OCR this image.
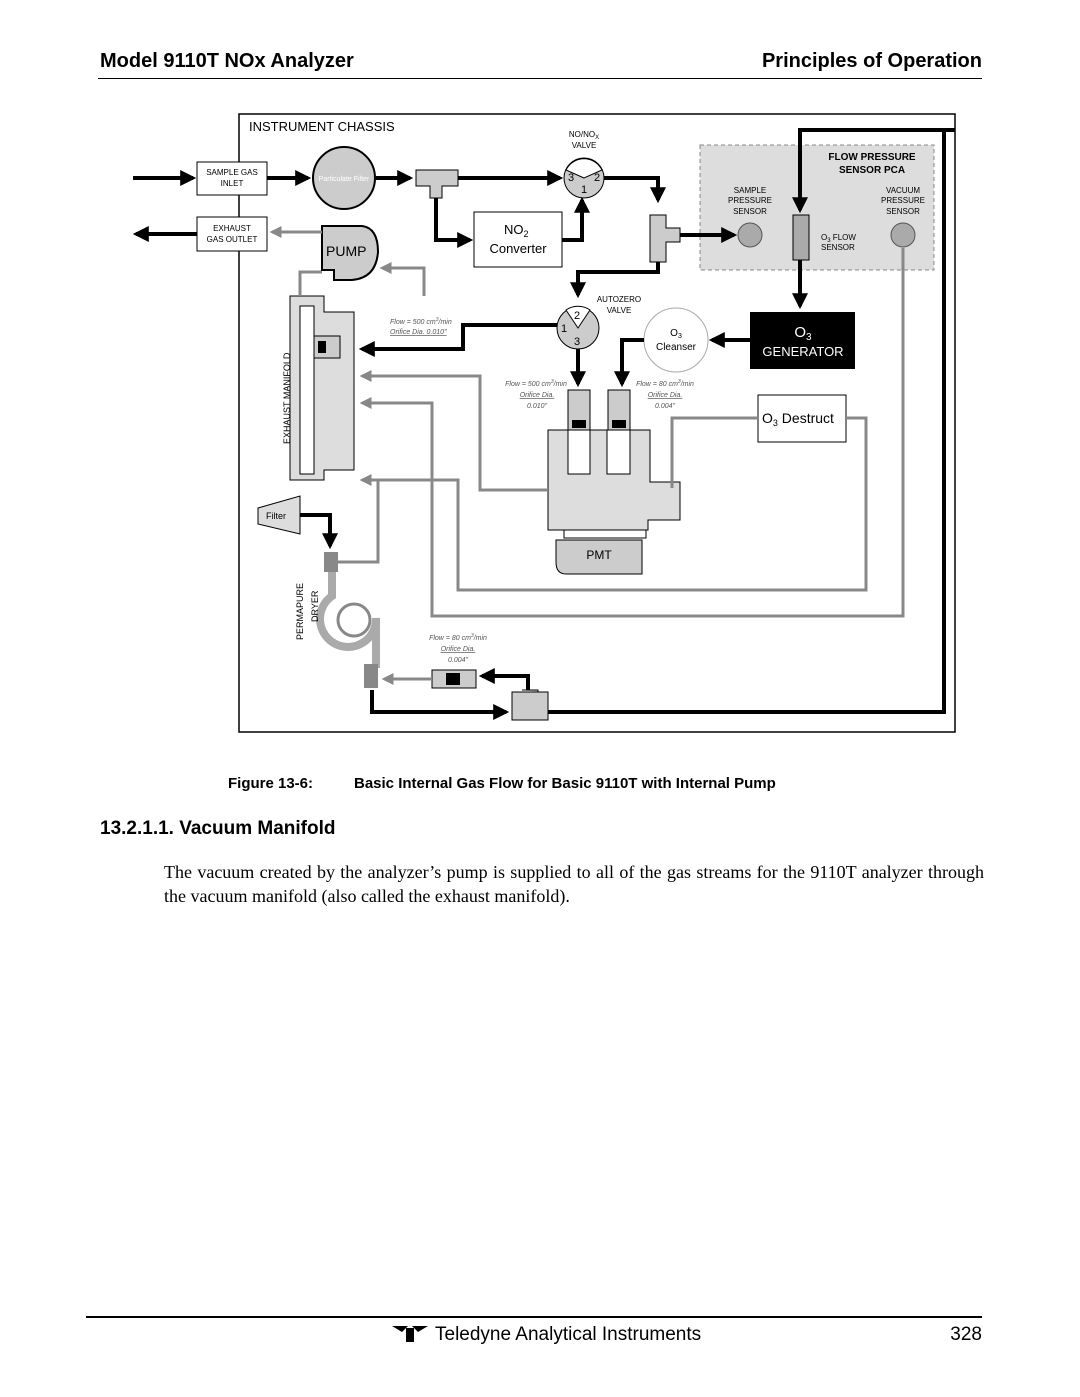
Model 9110T NOx Analyzer	Principles of Operation
INSTRUMENT CHASSIS
FLOW PRESSURE
SENSOR PCA
SAMPLE
PRESSURE
SENSOR
VACUUM
PRESSURE
SENSOR
$O_3$ FLOW
SENSOR
SAMPLE GAS
INLET
EXHAUST
GAS OUTLET
Particulate Filter
$NO_2$
Converter
$NO/NO_X$
VALVE
3 2
1
$O_3$
GENERATOR
$O_3$
Cleanser
AUTOZERO
VALVE
2
1
3
Flow = 500 $cm^3/\min$
Orifice Dia. 0.010"
Flow = 500 $cm^3/\min$
Orifice Dia.
0.010"
Flow = 80 $cm^3/\min$
Orifice Dia.
0.004"
PMT
$O_3$ Destruct
EXHAUST MANIFOLD
PUMP
Filter
PERMAPURE DRYER
Flow = 80 $cm^3/\min$
Orifice Dia.
0.004"
Figure 13-6:	Basic Internal Gas Flow for Basic 9110T with Internal Pump
13.2.1.1. Vacuum Manifold
The vacuum created by the analyzer’s pump is supplied to all of the gas streams for the 9110T analyzer through the vacuum manifold (also called the exhaust manifold).
Teledyne Analytical Instruments	328
